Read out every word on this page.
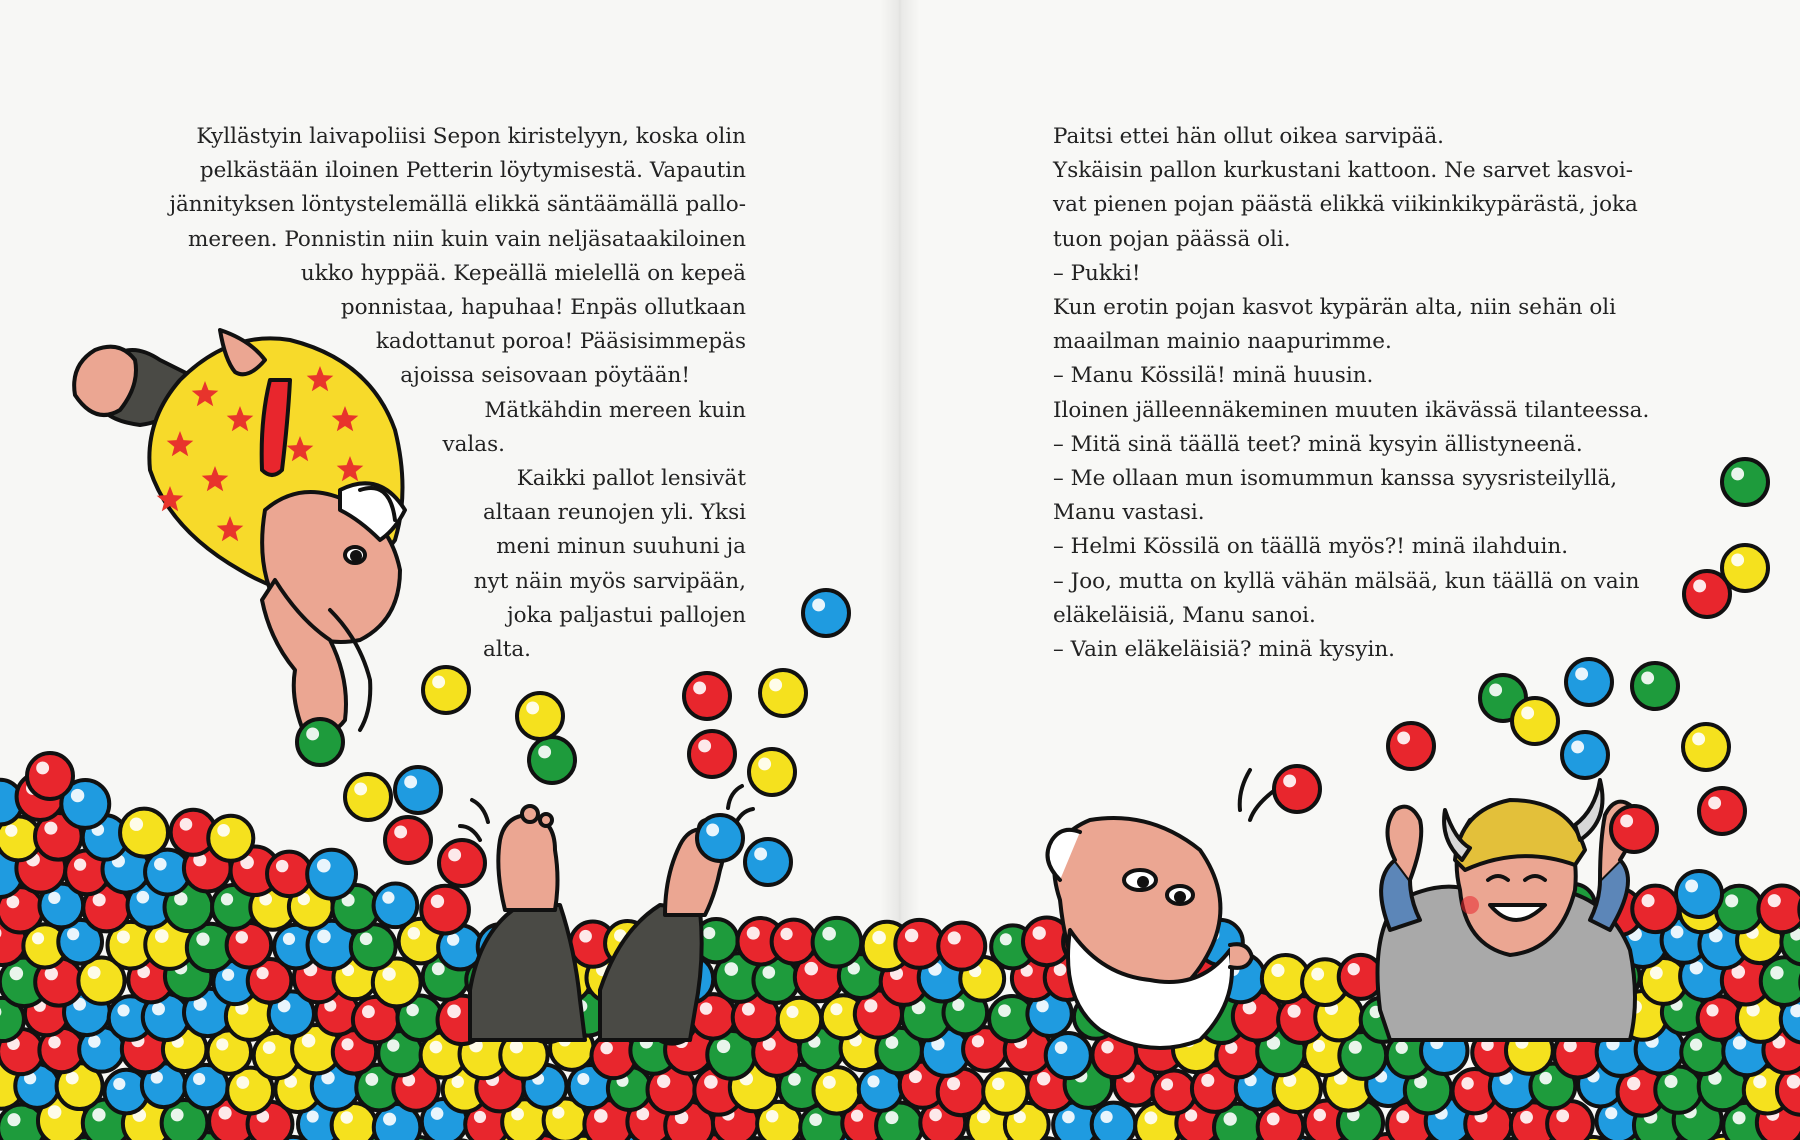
Kyllästyin laivapoliisi Sepon kiristelyyn, koska olin
pelkästään iloinen Petterin löytymisestä. Vapautin
jännityksen löntystelemällä elikkä säntäämällä pallo-
mereen. Ponnistin niin kuin vain neljäsataakiloinen
ukko hyppää. Kepeällä mielellä on kepeä
ponnistaa, hapuhaa! Enpäs ollutkaan
kadottanut poroa! Pääsisimmepäs
ajoissa seisovaan pöytään!
Mätkähdin mereen kuin
valas.
Kaikki pallot lensivät
altaan reunojen yli. Yksi
meni minun suuhuni ja
nyt näin myös sarvipään,
joka paljastui pallojen
alta.
Paitsi ettei hän ollut oikea sarvipää.
Yskäisin pallon kurkustani kattoon. Ne sarvet kasvoi-
vat pienen pojan päästä elikkä viikinkikypärästä, joka
tuon pojan päässä oli.
– Pukki!
Kun erotin pojan kasvot kypärän alta, niin sehän oli
maailman mainio naapurimme.
– Manu Kössilä! minä huusin.
Iloinen jälleennäkeminen muuten ikävässä tilanteessa.
– Mitä sinä täällä teet? minä kysyin ällistyneenä.
– Me ollaan mun isomummun kanssa syysristeilyllä,
Manu vastasi.
– Helmi Kössilä on täällä myös?! minä ilahduin.
– Joo, mutta on kyllä vähän mälsää, kun täällä on vain
eläkeläisiä, Manu sanoi.
– Vain eläkeläisiä? minä kysyin.
